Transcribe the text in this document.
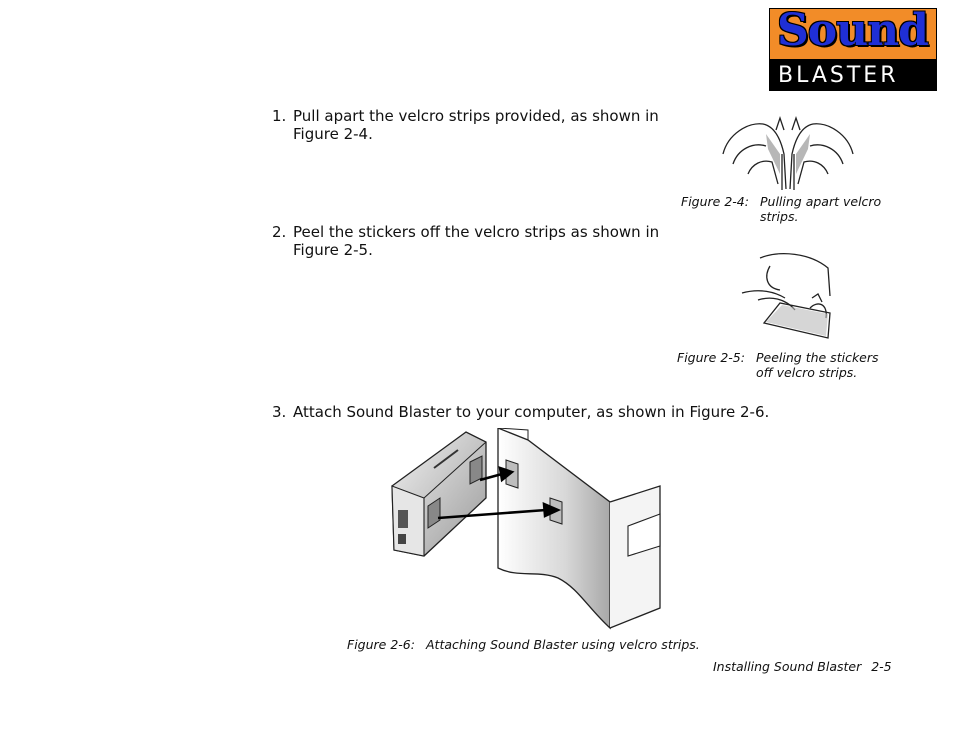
Sound
BLASTER
1. Pull apart the velcro strips provided, as shown in
Figure 2-4.
Figure 2-4: Pulling apart velcro
strips.
2. Peel the stickers off the velcro strips as shown in
Figure 2-5.
Figure 2-5: Peeling the stickers
off velcro strips.
3. Attach Sound Blaster to your computer, as shown in Figure 2-6.
Figure 2-6: Attaching Sound Blaster using velcro strips.
Installing Sound Blaster 2-5
